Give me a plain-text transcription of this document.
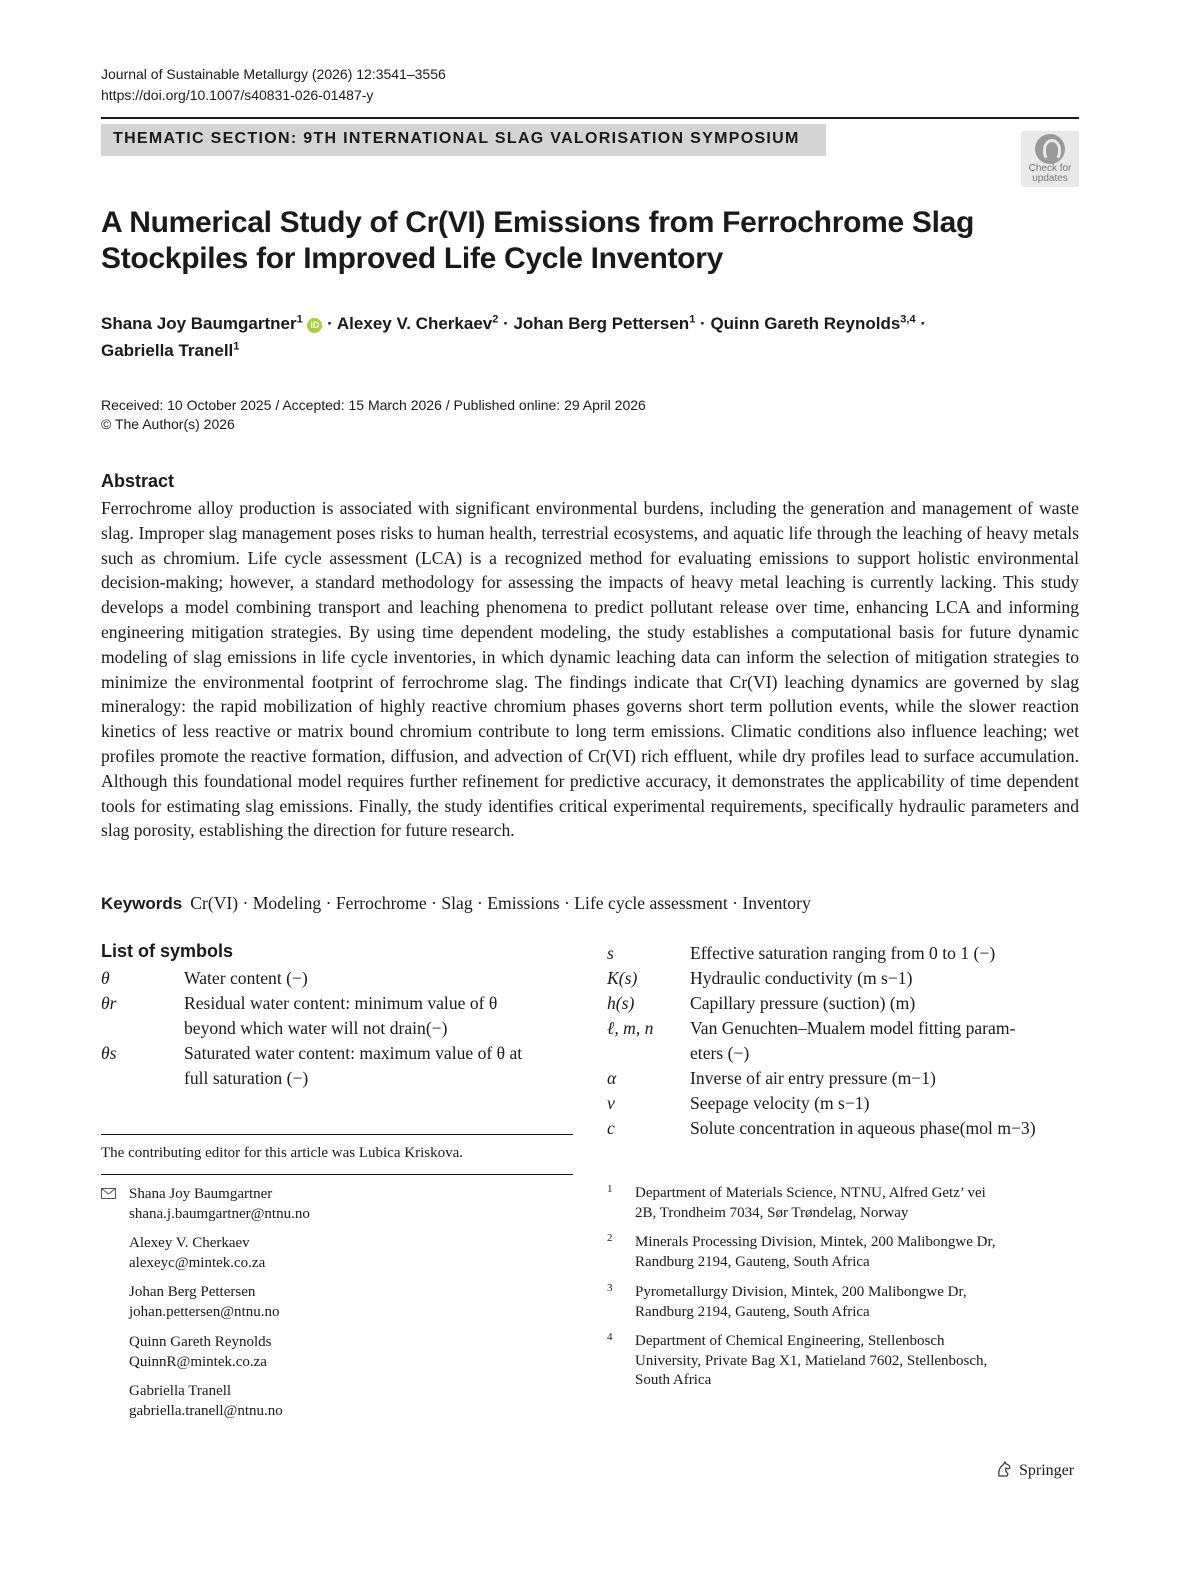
Journal of Sustainable Metallurgy (2026) 12:3541–3556
https://doi.org/10.1007/s40831-026-01487-y
THEMATIC SECTION: 9TH INTERNATIONAL SLAG VALORISATION SYMPOSIUM
Check for
updates
A Numerical Study of Cr(VI) Emissions from Ferrochrome Slag
Stockpiles for Improved Life Cycle Inventory
Shana Joy Baumgartner$^1$ iD · Alexey V. Cherkaev$^2$ · Johan Berg Pettersen$^1$ · Quinn Gareth Reynolds$^{3,4}$ ·
Gabriella Tranell$^1$
Received: 10 October 2025 / Accepted: 15 March 2026 / Published online: 29 April 2026
© The Author(s) 2026
Abstract
Ferrochrome alloy production is associated with significant environmental burdens, including the generation and management of waste slag. Improper slag management poses risks to human health, terrestrial ecosystems, and aquatic life through the leaching of heavy metals such as chromium. Life cycle assessment (LCA) is a recognized method for evaluating emissions to support holistic environmental decision-making; however, a standard methodology for assessing the impacts of heavy metal leaching is currently lacking. This study develops a model combining transport and leaching phenomena to predict pollutant release over time, enhancing LCA and informing engineering mitigation strategies. By using time dependent modeling, the study establishes a computational basis for future dynamic modeling of slag emissions in life cycle inventories, in which dynamic leaching data can inform the selection of mitigation strategies to minimize the environmental footprint of ferrochrome slag. The findings indicate that Cr(VI) leaching dynamics are governed by slag mineralogy: the rapid mobilization of highly reactive chromium phases governs short term pollution events, while the slower reaction kinetics of less reactive or matrix bound chromium contribute to long term emissions. Climatic conditions also influence leaching; wet profiles promote the reactive formation, diffusion, and advection of Cr(VI) rich effluent, while dry profiles lead to surface accumulation. Although this foundational model requires further refinement for predictive accuracy, it demonstrates the applicability of time dependent tools for estimating slag emissions. Finally, the study identifies critical experimental requirements, specifically hydraulic parameters and slag porosity, establishing the direction for future research.
Keywords Cr(VI) · Modeling · Ferrochrome · Slag · Emissions · Life cycle assessment · Inventory
List of symbols
θ	Water content (−)
θr	Residual water content: minimum value of θ
beyond which water will not drain(−)
θs	Saturated water content: maximum value of θ at
full saturation (−)
s	Effective saturation ranging from 0 to 1 (−)
K(s)	Hydraulic conductivity (m s−1)
h(s)	Capillary pressure (suction) (m)
ℓ, m, n Van Genuchten–Mualem model fitting param-
eters (−)
α	Inverse of air entry pressure (m−1)
v	Seepage velocity (m s−1)
c	Solute concentration in aqueous phase(mol m−3)
The contributing editor for this article was Lubica Kriskova.
Shana Joy Baumgartner
shana.j.baumgartner@ntnu.no
Alexey V. Cherkaev
alexeyc@mintek.co.za
Johan Berg Pettersen
johan.pettersen@ntnu.no
Quinn Gareth Reynolds
QuinnR@mintek.co.za
Gabriella Tranell
gabriella.tranell@ntnu.no
1 Department of Materials Science, NTNU, Alfred Getz’ vei
2B, Trondheim 7034, Sør Trøndelag, Norway
2 Minerals Processing Division, Mintek, 200 Malibongwe Dr,
Randburg 2194, Gauteng, South Africa
3 Pyrometallurgy Division, Mintek, 200 Malibongwe Dr,
Randburg 2194, Gauteng, South Africa
4 Department of Chemical Engineering, Stellenbosch
University, Private Bag X1, Matieland 7602, Stellenbosch,
South Africa
Springer
